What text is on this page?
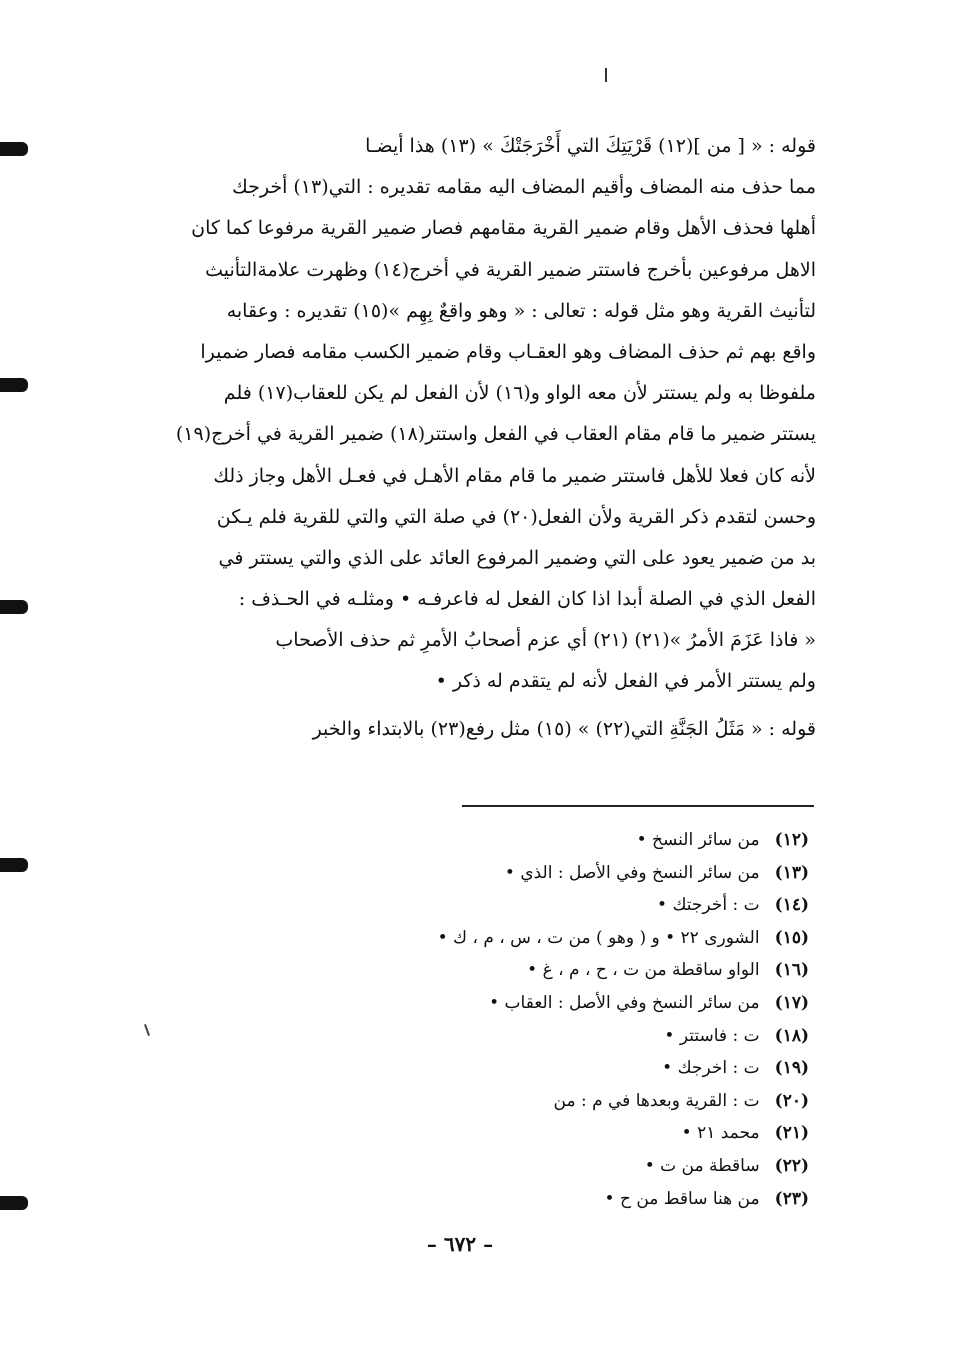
قوله : « [ من ](١٢) قَرْيَتِكَ التي أَخْرَجَتْكَ » (١٣) هذا أيضـا
مما حذف منه المضاف وأقيم المضاف اليه مقامه تقديره : التي(١٣) أخرجك
أهلها فحذف الأهل وقام ضمير القرية مقامهم فصار ضمير القرية مرفوعا كما كان
الاهل مرفوعين بأخرج فاستتر ضمير القرية في أخرج(١٤) وظهرت علامةالتأنيث
لتأنيث القرية وهو مثل قوله : تعالى : « وهو واقعٌ بِهِم »(١٥) تقديره : وعقابه
واقع بهم ثم حذف المضاف وهو العقـاب وقام ضمير الكسب مقامه فصار ضميرا
ملفوظا به ولم يستتر لأن معه الواو و(١٦) لأن الفعل لم يكن للعقاب(١٧) فلم
يستتر ضمير ما قام مقام العقاب في الفعل واستتر(١٨) ضمير القرية في أخرج(١٩)
لأنه كان فعلا للأهل فاستتر ضمير ما قام مقام الأهـل في فعـل الأهل وجاز ذلك
وحسن لتقدم ذكر القرية ولأن الفعل(٢٠) في صلة التي والتي للقرية فلم يـكن
بد من ضمير يعود على التي وضمير المرفوع العائد على الذي والتي يستتر في
الفعل الذي في الصلة أبدا اذا كان الفعل له فاعرفـه • ومثلـه في الحـذف :
« فاذا عَزَمَ الأمرُ »(٢١) (٢١) أي عزم أصحابُ الأمرِ ثم حذف الأصحاب
ولم يستتر الأمر في الفعل لأنه لم يتقدم له ذكر •
قوله : « مَثَلُ الجَنَّةِ التي(٢٢) » (١٥) مثل رفع(٢٣) بالابتداء والخبر
(١٢) من سائر النسخ •
(١٣) من سائر النسخ وفي الأصل : الذي •
(١٤) ت : أخرجتك •
(١٥) الشورى ٢٢ • و ( وهو ) من ت ، س ، م ، ك •
(١٦) الواو ساقطة من ت ، ح ، م ، غ •
(١٧) من سائر النسخ وفي الأصل : العقاب •
(١٨) ت : فاستتر •
(١٩) ت : اخرجك •
(٢٠) ت : القرية وبعدها في م : من
(٢١) محمد ٢١ •
(٢٢) ساقطة من ت •
(٢٣) من هنا ساقط من ح •
– ٦٧٢ –
